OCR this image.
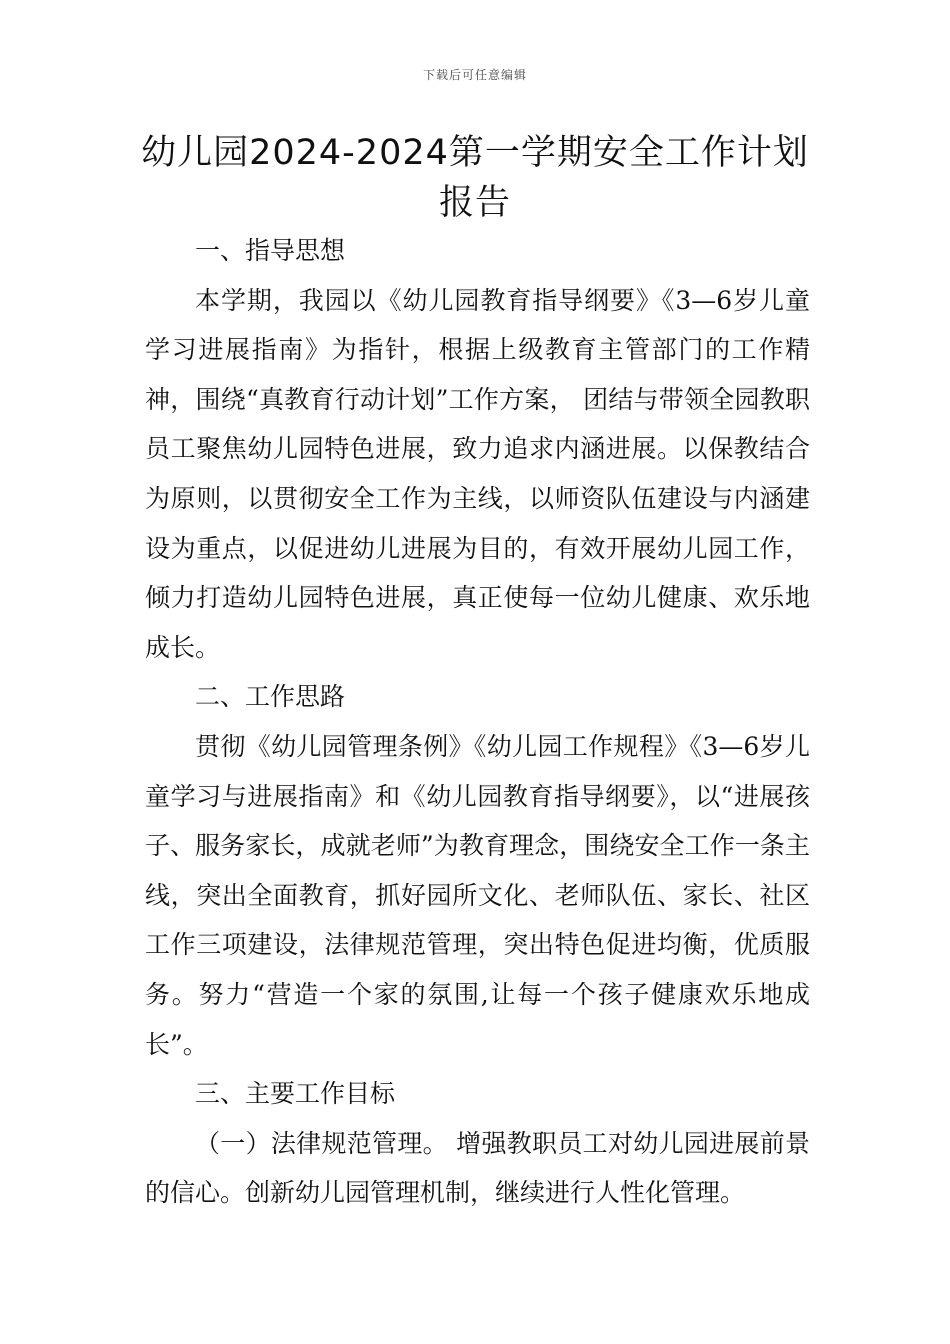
下载后可任意编辑
幼儿园2024-2024第一学期安全工作计划
报告

一、指导思想

本学期，我园以《幼儿园教育指导纲要》《3—6岁儿童学习进展指南》为指针，根据上级教育主管部门的工作精神，围绕“真教育行动计划”工作方案， 团结与带领全园教职员工聚焦幼儿园特色进展，致力追求内涵进展。以保教结合为原则，以贯彻安全工作为主线，以师资队伍建设与内涵建设为重点，以促进幼儿进展为目的，有效开展幼儿园工作，倾力打造幼儿园特色进展，真正使每一位幼儿健康、欢乐地成长。

二、工作思路

贯彻《幼儿园管理条例》《幼儿园工作规程》《3—6岁儿童学习与进展指南》和《幼儿园教育指导纲要》，以“进展孩子、服务家长，成就老师”为教育理念，围绕安全工作一条主线，突出全面教育，抓好园所文化、老师队伍、家长、社区工作三项建设，法律规范管理，突出特色促进均衡，优质服务。努力“营造一个家的氛围,让每一个孩子健康欢乐地成长”。

三、主要工作目标

（一）法律规范管理。 增强教职员工对幼儿园进展前景的信心。创新幼儿园管理机制，继续进行人性化管理。
